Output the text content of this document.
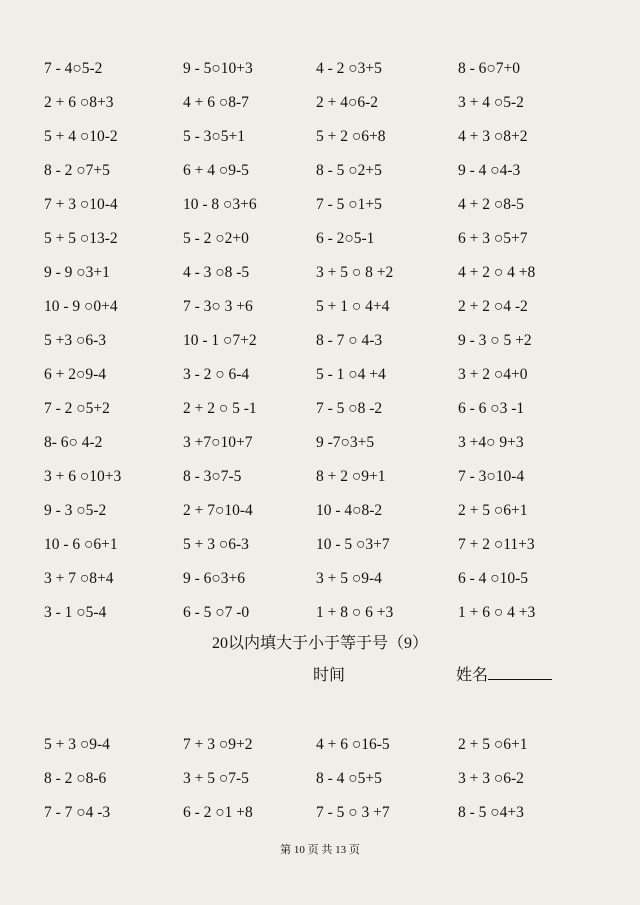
7 - 4○5-2	9 - 5○10+3	4 - 2 ○3+5	8 - 6○7+0
2 + 6 ○8+3	4 + 6 ○8-7	2 + 4○6-2	3 + 4 ○5-2
5 + 4 ○10-2	5 - 3○5+1	5 + 2 ○6+8	4 + 3 ○8+2
8 - 2 ○7+5	6 + 4 ○9-5	8 - 5 ○2+5	9 - 4 ○4-3
7 + 3 ○10-4	10 - 8 ○3+6	7 - 5 ○1+5	4 + 2 ○8-5
5 + 5 ○13-2	5 - 2 ○2+0	6 - 2○5-1	6 + 3 ○5+7
9 - 9 ○3+1	4 - 3 ○8 -5	3 + 5 ○ 8 +2	4 + 2 ○ 4 +8
10 - 9 ○0+4	7 - 3○ 3 +6	5 + 1 ○ 4+4	2 + 2 ○4 -2
5 +3 ○6-3	10 - 1 ○7+2	8 - 7 ○ 4-3	9 - 3 ○ 5 +2
6 + 2○9-4	3 - 2 ○ 6-4	5 - 1 ○4 +4	3 + 2 ○4+0
7 - 2 ○5+2	2 + 2 ○ 5 -1	7 - 5 ○8 -2	6 - 6 ○3 -1
8- 6○ 4-2	3 +7○10+7	9 -7○3+5	3 +4○ 9+3
3 + 6 ○10+3	8 - 3○7-5	8 + 2 ○9+1	7 - 3○10-4
9 - 3 ○5-2	2 + 7○10-4	10 - 4○8-2	2 + 5 ○6+1
10 - 6 ○6+1	5 + 3 ○6-3	10 - 5 ○3+7	7 + 2 ○11+3
3 + 7 ○8+4	9 - 6○3+6	3 + 5 ○9-4	6 - 4 ○10-5
3 - 1 ○5-4	6 - 5 ○7 -0	1 + 8 ○ 6 +3	1 + 6 ○ 4 +3
20以内填大于小于等于号（9）
时间	姓名
5 + 3 ○9-4	7 + 3 ○9+2	4 + 6 ○16-5	2 + 5 ○6+1
8 - 2 ○8-6	3 + 5 ○7-5	8 - 4 ○5+5	3 + 3 ○6-2
7 - 7 ○4 -3	6 - 2 ○1 +8	7 - 5 ○ 3 +7	8 - 5 ○4+3
第 10 页 共 13 页
